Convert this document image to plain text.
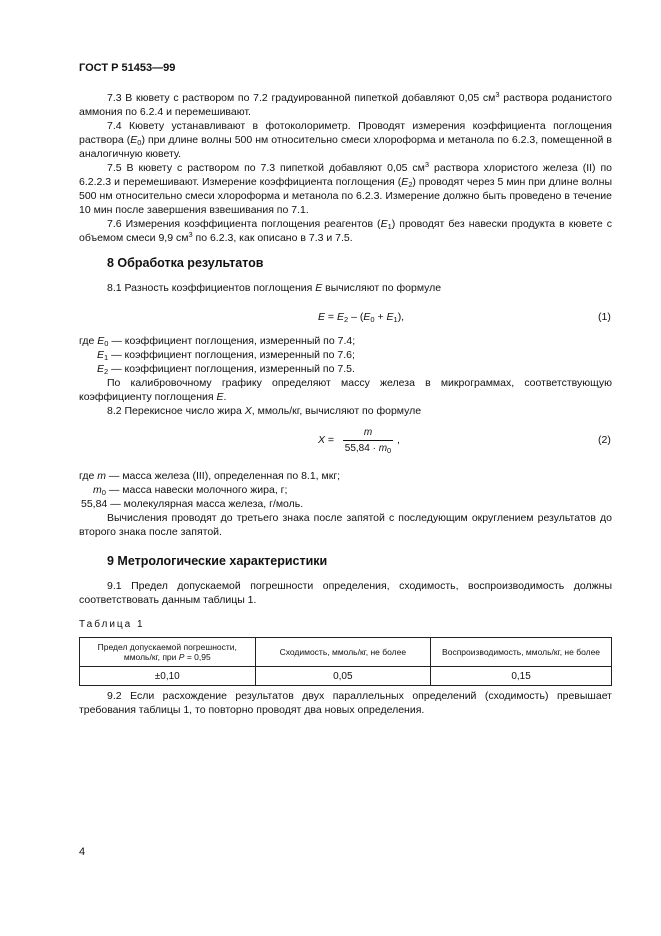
ГОСТ Р 51453—99

7.3 В кювету с раствором по 7.2 градуированной пипеткой добавляют 0,05 $см^3$ раствора роданистого аммония по 6.2.4 и перемешивают.

7.4 Кювету устанавливают в фотоколориметр. Проводят измерения коэффициента поглощения раствора $(E_0)$ при длине волны 500 нм относительно смеси хлороформа и метанола по 6.2.3, помещенной в аналогичную кювету.

7.5 В кювету с раствором по 7.3 пипеткой добавляют 0,05 $см^3$ раствора хлористого железа (II) по 6.2.2.3 и перемешивают. Измерение коэффициента поглощения $(E_2)$ проводят через 5 мин при длине волны 500 нм относительно смеси хлороформа и метанола по 6.2.3. Измерение должно быть проведено в течение 10 мин после завершения взвешивания по 7.1.

7.6 Измерения коэффициента поглощения реагентов $(E_1)$ проводят без навески продукта в кювете с объемом смеси 9,9 $см^3$ по 6.2.3, как описано в 7.3 и 7.5.

8 Обработка результатов

8.1 Разность коэффициентов поглощения E вычисляют по формуле

$E = E_2 - (E_0 + E_1)$,	(1)
где $E_0$ — коэффициент поглощения, измеренный по 7.4;
$E_1$ — коэффициент поглощения, измеренный по 7.6;
$E_2$ — коэффициент поглощения, измеренный по 7.5.

По калибровочному графику определяют массу железа в микрограммах, соответствующую коэффициенту поглощения E.

8.2 Перекисное число жира X, ммоль/кг, вычисляют по формуле

X =
m
$55,84 \cdot m_0$
,	(2)
где m — масса железа (III), определенная по 8.1, мкг;
$m_0$ — масса навески молочного жира, г;
55,84 — молекулярная масса железа, г/моль.

Вычисления проводят до третьего знака после запятой с последующим округлением результатов до второго знака после запятой.

9 Метрологические характеристики

9.1 Предел допускаемой погрешности определения, сходимость, воспроизводимость должны соответствовать данным таблицы 1.

Таблица 1
Предел допускаемой погрешности,
ммоль/кг, при P = 0,95	Сходимость, ммоль/кг, не более	Воспроизводимость, ммоль/кг, не более
±0,10	0,05	0,15

9.2 Если расхождение результатов двух параллельных определений (сходимость) превышает требования таблицы 1, то повторно проводят два новых определения.

4
